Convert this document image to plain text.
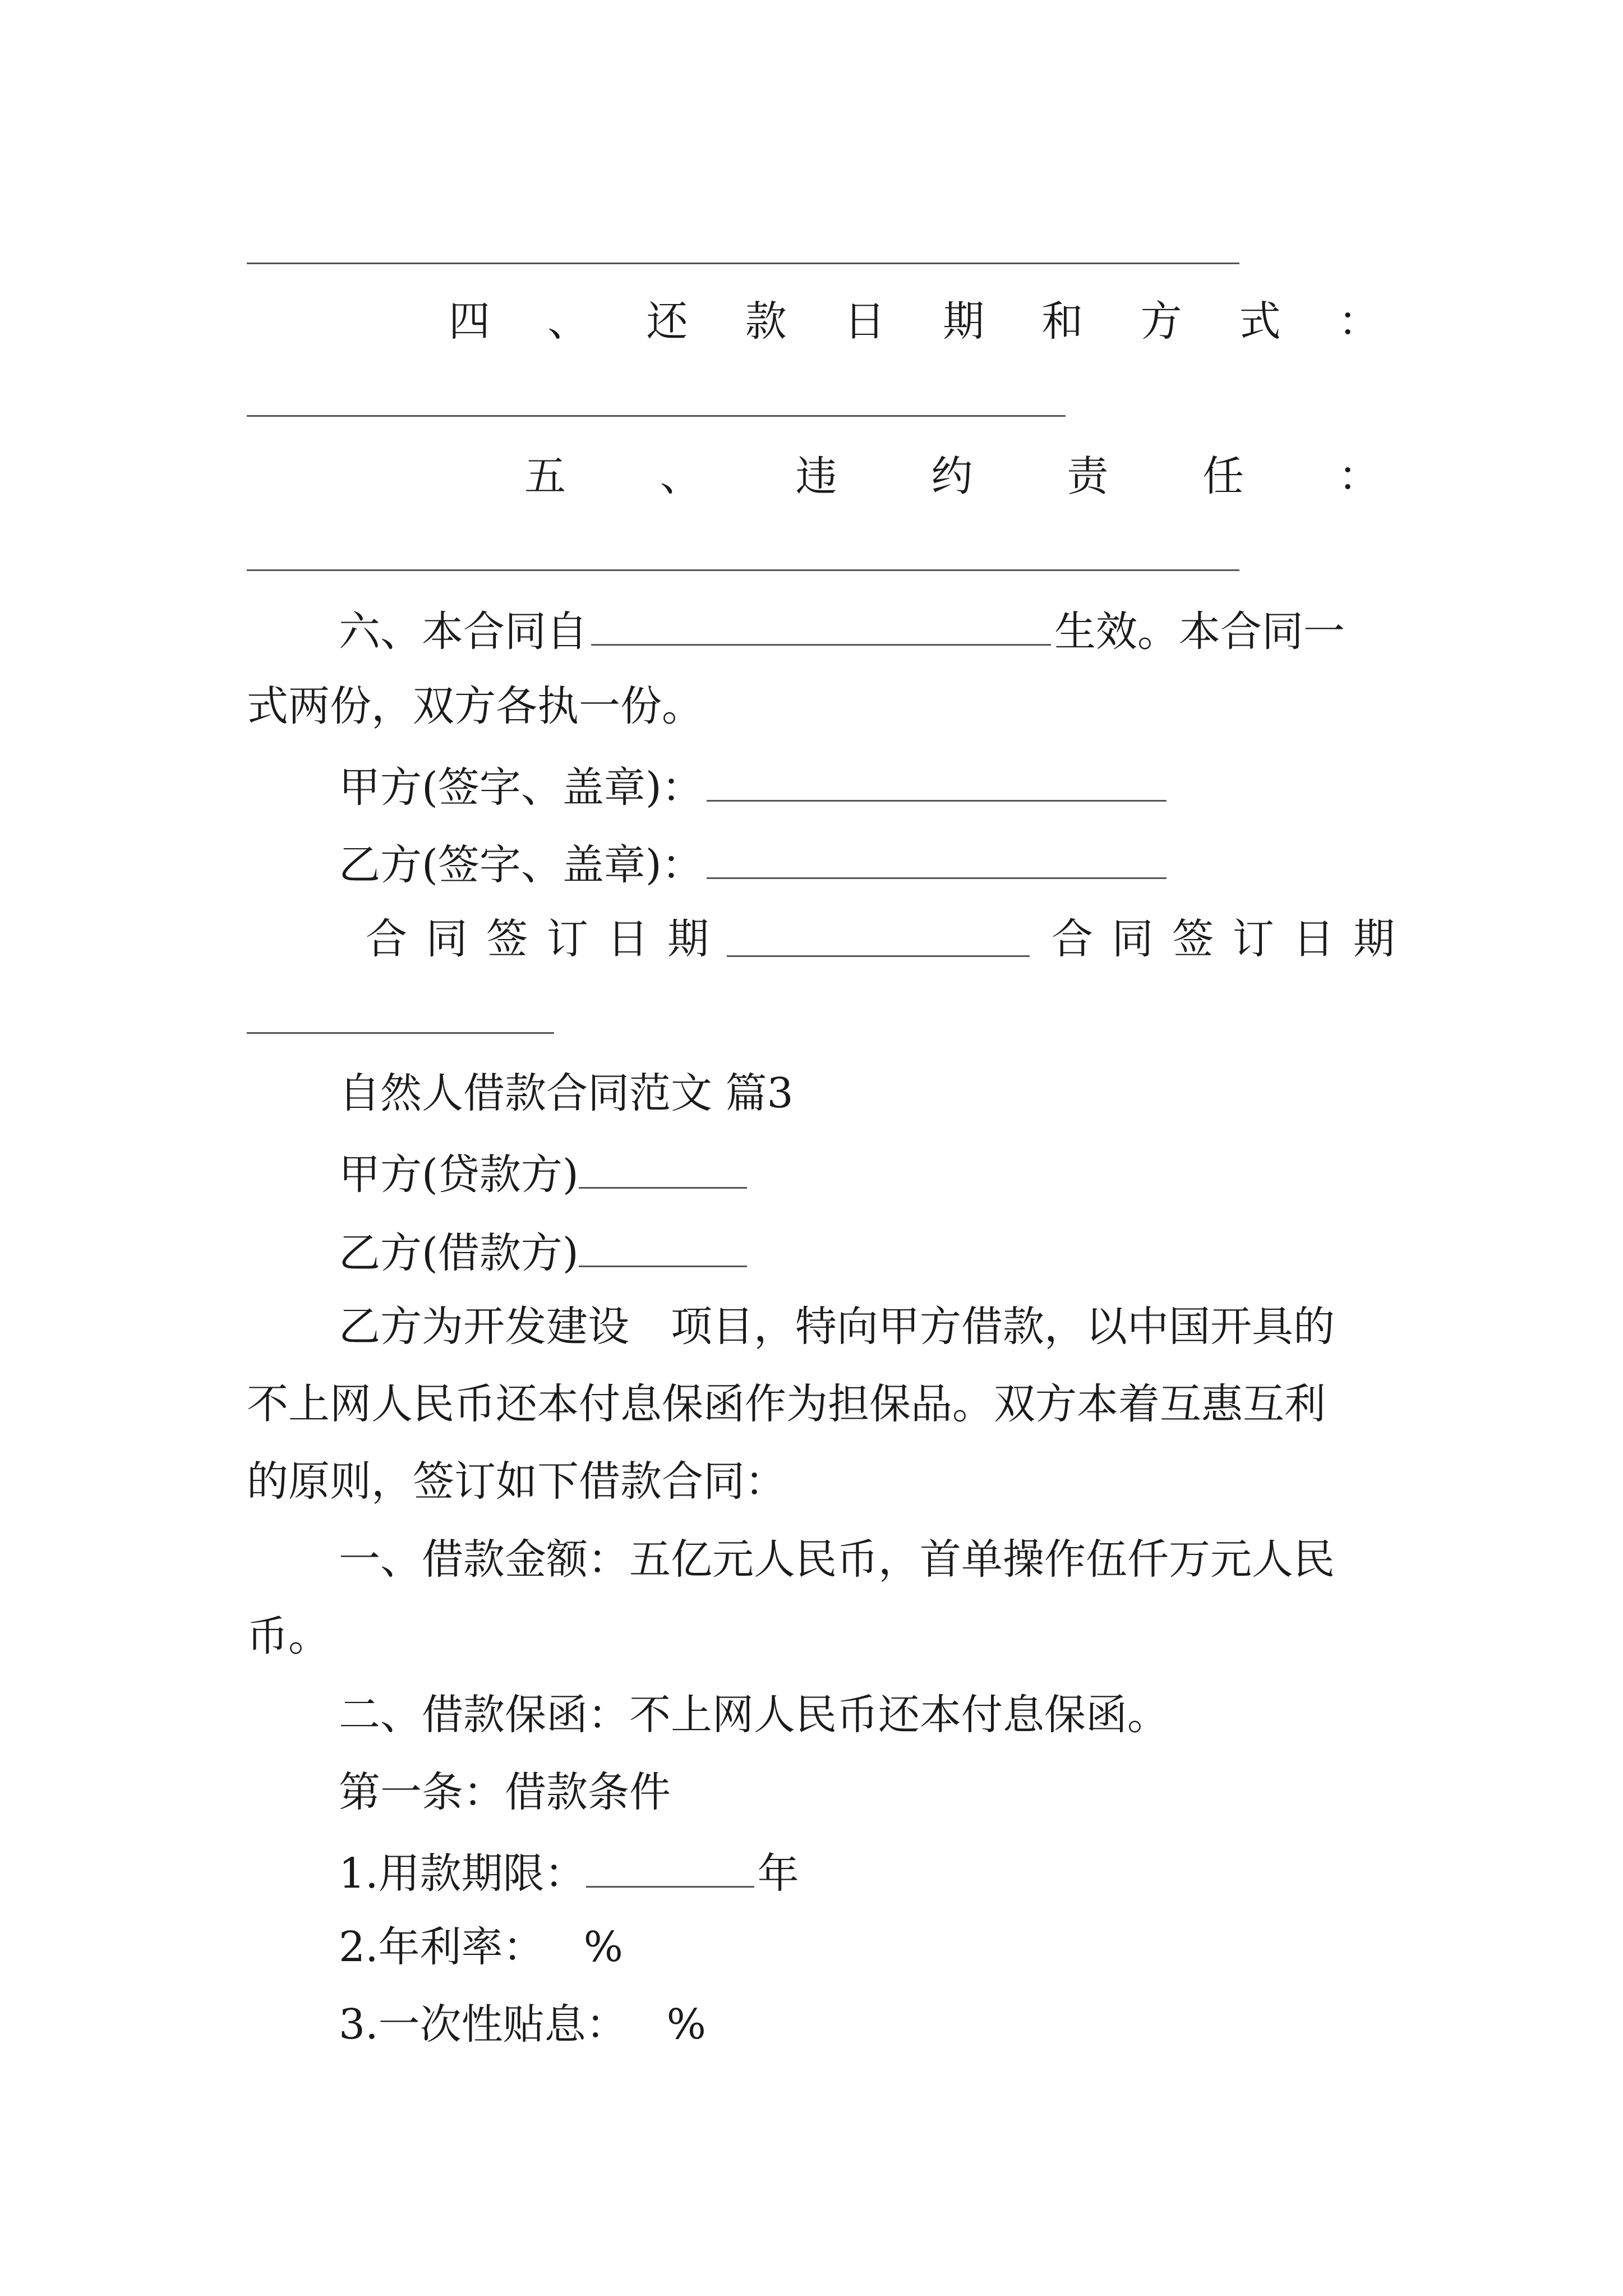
四 、 还 款 日 期 和 方 式 ：
五 、 违 约 责 任 ：
六、本合同自	生效。本合同一
式两份，双方各执一份。
甲方(签字、盖章)：
乙方(签字、盖章)：
合 同 签 订 日 期	合 同 签 订 日 期
自然人借款合同范文 篇3
甲方(贷款方)
乙方(借款方)
乙方为开发建设　项目，特向甲方借款，以中国开具的
不上网人民币还本付息保函作为担保品。双方本着互惠互利
的原则，签订如下借款合同：
一、借款金额：五亿元人民币，首单操作伍仟万元人民
币。
二、借款保函：不上网人民币还本付息保函。
第一条：借款条件
1.用款期限：	年
2.年利率： %
3.一次性贴息： %
